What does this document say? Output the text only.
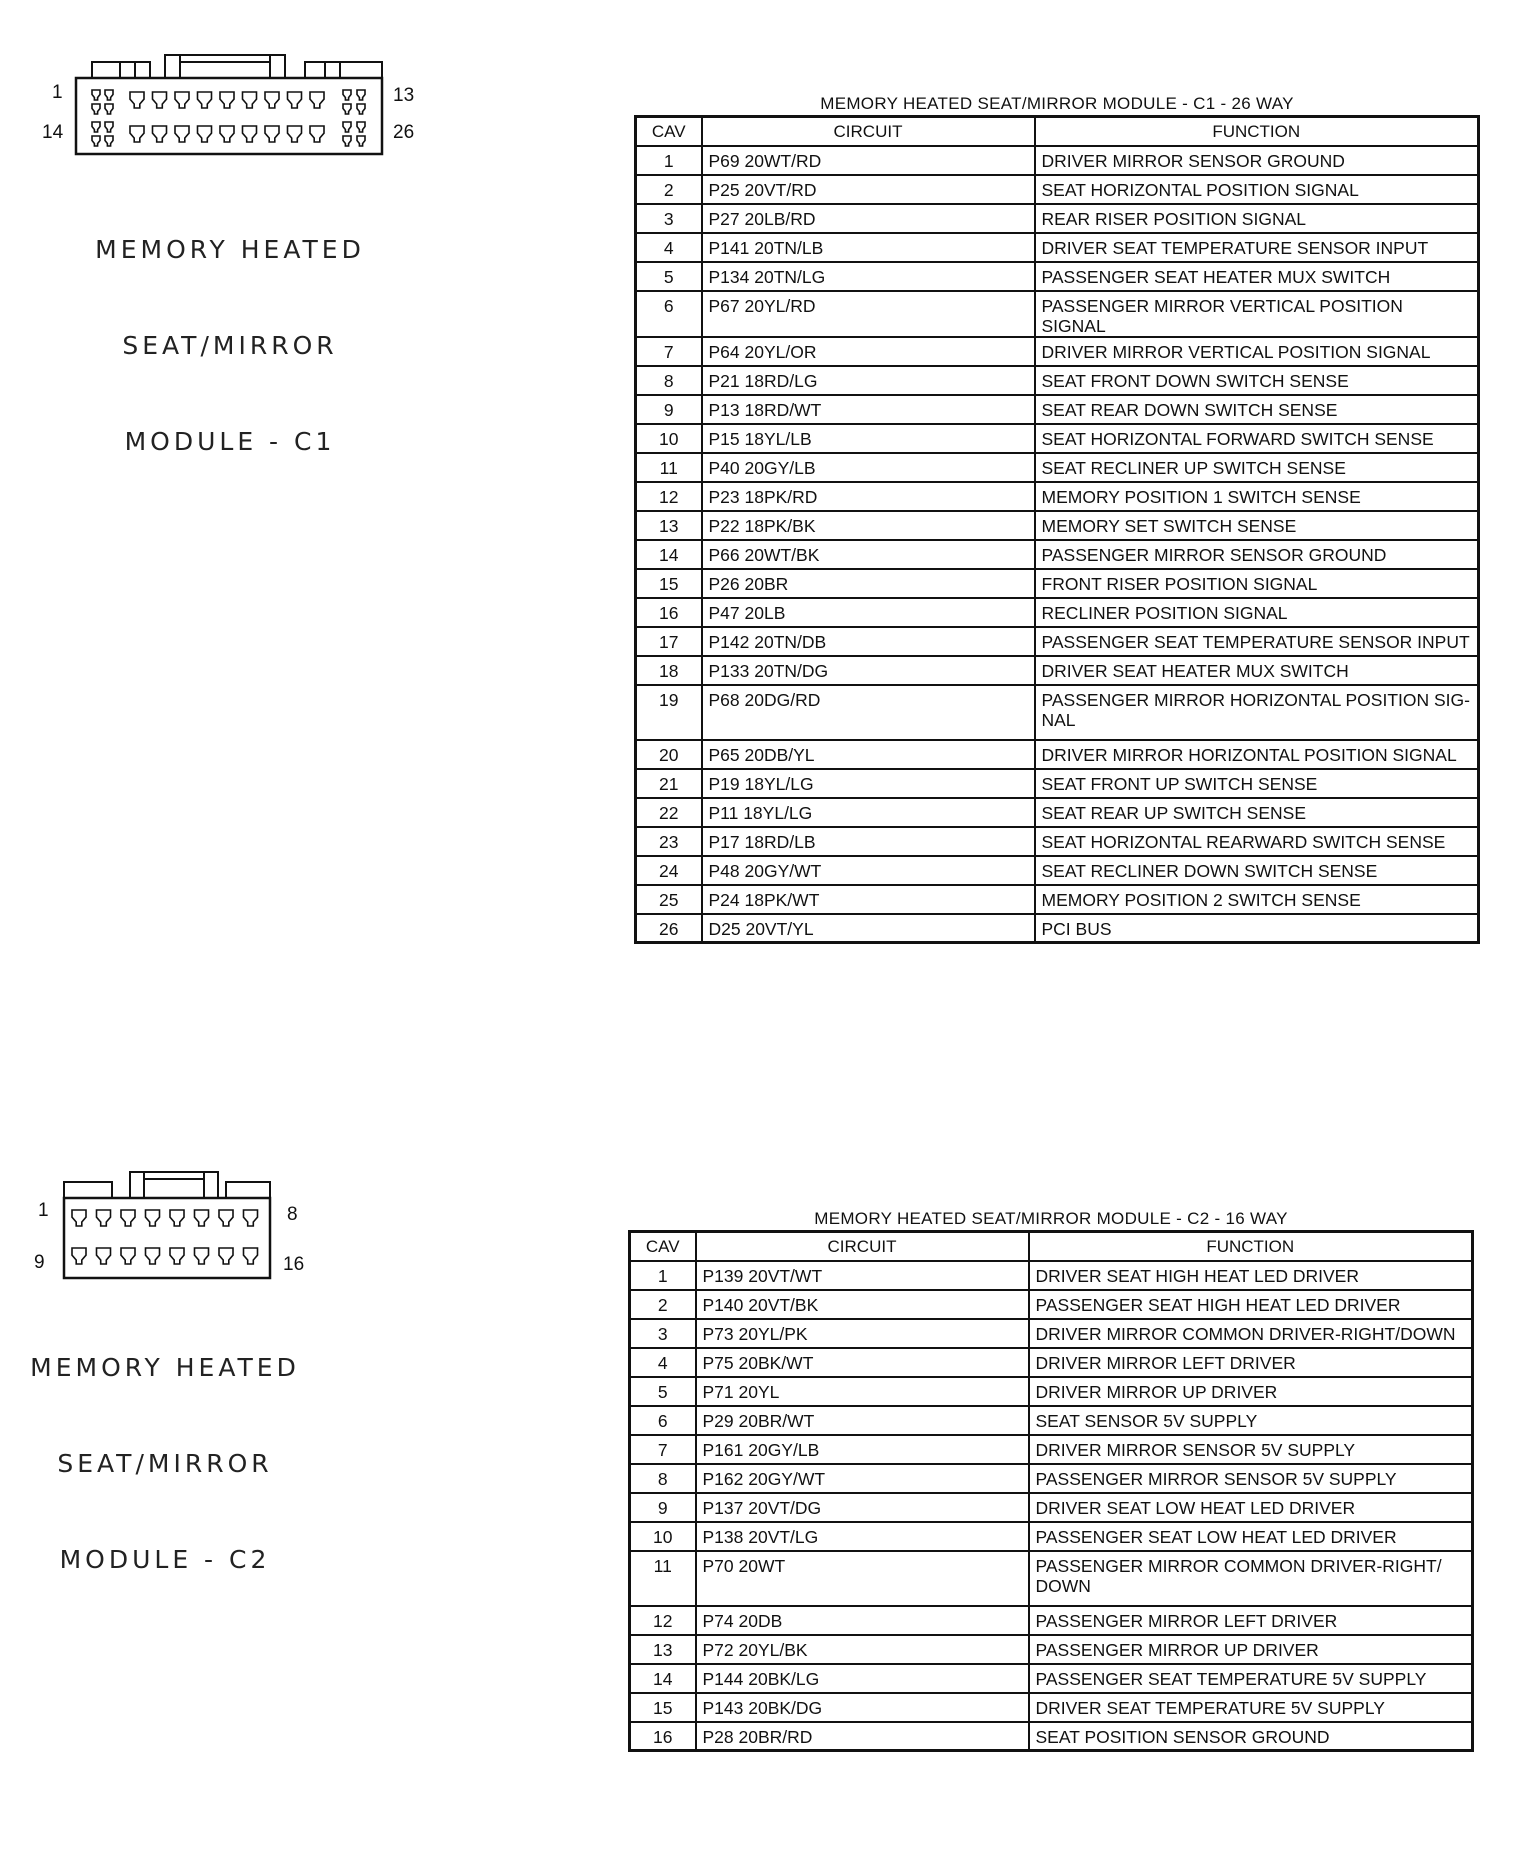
1	13
14	26

MEMORY HEATED

SEAT/MIRROR

MODULE - C1

1	8
9	16

MEMORY HEATED

SEAT/MIRROR

MODULE - C2

MEMORY HEATED SEAT/MIRROR MODULE - C1 - 26 WAY
CAV	CIRCUIT	FUNCTION
1	P69 20WT/RD	DRIVER MIRROR SENSOR GROUND
2	P25 20VT/RD	SEAT HORIZONTAL POSITION SIGNAL
3	P27 20LB/RD	REAR RISER POSITION SIGNAL
4	P141 20TN/LB	DRIVER SEAT TEMPERATURE SENSOR INPUT
5	P134 20TN/LG	PASSENGER SEAT HEATER MUX SWITCH
6	P67 20YL/RD	PASSENGER MIRROR VERTICAL POSITION SIGNAL
7	P64 20YL/OR	DRIVER MIRROR VERTICAL POSITION SIGNAL
8	P21 18RD/LG	SEAT FRONT DOWN SWITCH SENSE
9	P13 18RD/WT	SEAT REAR DOWN SWITCH SENSE
10	P15 18YL/LB	SEAT HORIZONTAL FORWARD SWITCH SENSE
11	P40 20GY/LB	SEAT RECLINER UP SWITCH SENSE
12	P23 18PK/RD	MEMORY POSITION 1 SWITCH SENSE
13	P22 18PK/BK	MEMORY SET SWITCH SENSE
14	P66 20WT/BK	PASSENGER MIRROR SENSOR GROUND
15	P26 20BR	FRONT RISER POSITION SIGNAL
16	P47 20LB	RECLINER POSITION SIGNAL
17	P142 20TN/DB	PASSENGER SEAT TEMPERATURE SENSOR INPUT
18	P133 20TN/DG	DRIVER SEAT HEATER MUX SWITCH
19	P68 20DG/RD	PASSENGER MIRROR HORIZONTAL POSITION SIG-
NAL
20	P65 20DB/YL	DRIVER MIRROR HORIZONTAL POSITION SIGNAL
21	P19 18YL/LG	SEAT FRONT UP SWITCH SENSE
22	P11 18YL/LG	SEAT REAR UP SWITCH SENSE
23	P17 18RD/LB	SEAT HORIZONTAL REARWARD SWITCH SENSE
24	P48 20GY/WT	SEAT RECLINER DOWN SWITCH SENSE
25	P24 18PK/WT	MEMORY POSITION 2 SWITCH SENSE
26	D25 20VT/YL	PCI BUS
MEMORY HEATED SEAT/MIRROR MODULE - C2 - 16 WAY
CAV	CIRCUIT	FUNCTION
1	P139 20VT/WT	DRIVER SEAT HIGH HEAT LED DRIVER
2	P140 20VT/BK	PASSENGER SEAT HIGH HEAT LED DRIVER
3	P73 20YL/PK	DRIVER MIRROR COMMON DRIVER-RIGHT/DOWN
4	P75 20BK/WT	DRIVER MIRROR LEFT DRIVER
5	P71 20YL	DRIVER MIRROR UP DRIVER
6	P29 20BR/WT	SEAT SENSOR 5V SUPPLY
7	P161 20GY/LB	DRIVER MIRROR SENSOR 5V SUPPLY
8	P162 20GY/WT	PASSENGER MIRROR SENSOR 5V SUPPLY
9	P137 20VT/DG	DRIVER SEAT LOW HEAT LED DRIVER
10	P138 20VT/LG	PASSENGER SEAT LOW HEAT LED DRIVER
11	P70 20WT	PASSENGER MIRROR COMMON DRIVER-RIGHT/
DOWN
12	P74 20DB	PASSENGER MIRROR LEFT DRIVER
13	P72 20YL/BK	PASSENGER MIRROR UP DRIVER
14	P144 20BK/LG	PASSENGER SEAT TEMPERATURE 5V SUPPLY
15	P143 20BK/DG	DRIVER SEAT TEMPERATURE 5V SUPPLY
16	P28 20BR/RD	SEAT POSITION SENSOR GROUND
